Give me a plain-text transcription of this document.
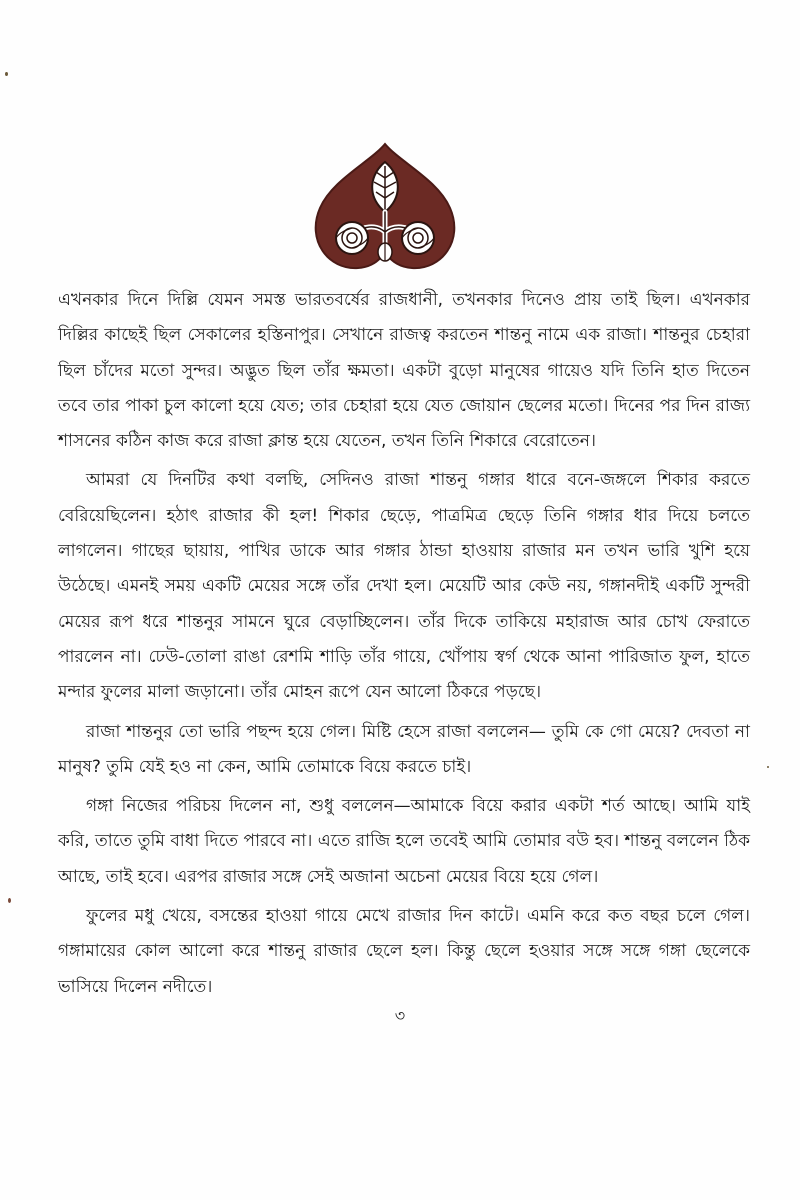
এখনকার দিনে দিল্লি যেমন সমস্ত ভারতবর্ষের রাজধানী, তখনকার দিনেও প্রায় তাই ছিল। এখনকার দিল্লির কাছেই ছিল সেকালের হস্তিনাপুর। সেখানে রাজত্ব করতেন শান্তনু নামে এক রাজা। শান্তনুর চেহারা ছিল চাঁদের মতো সুন্দর। অদ্ভুত ছিল তাঁর ক্ষমতা। একটা বুড়ো মানুষের গায়েও যদি তিনি হাত দিতেন তবে তার পাকা চুল কালো হয়ে যেত; তার চেহারা হয়ে যেত জোয়ান ছেলের মতো। দিনের পর দিন রাজ্য শাসনের কঠিন কাজ করে রাজা ক্লান্ত হয়ে যেতেন, তখন তিনি শিকারে বেরোতেন।

আমরা যে দিনটির কথা বলছি, সেদিনও রাজা শান্তনু গঙ্গার ধারে বনে-জঙ্গলে শিকার করতে বেরিয়েছিলেন। হঠাৎ রাজার কী হল! শিকার ছেড়ে, পাত্রমিত্র ছেড়ে তিনি গঙ্গার ধার দিয়ে চলতে লাগলেন। গাছের ছায়ায়, পাখির ডাকে আর গঙ্গার ঠান্ডা হাওয়ায় রাজার মন তখন ভারি খুশি হয়ে উঠেছে। এমনই সময় একটি মেয়ের সঙ্গে তাঁর দেখা হল। মেয়েটি আর কেউ নয়, গঙ্গানদীই একটি সুন্দরী মেয়ের রূপ ধরে শান্তনুর সামনে ঘুরে বেড়াচ্ছিলেন। তাঁর দিকে তাকিয়ে মহারাজ আর চোখ ফেরাতে পারলেন না। ঢেউ-তোলা রাঙা রেশমি শাড়ি তাঁর গায়ে, খোঁপায় স্বর্গ থেকে আনা পারিজাত ফুল, হাতে মন্দার ফুলের মালা জড়ানো। তাঁর মোহন রূপে যেন আলো ঠিকরে পড়ছে।

রাজা শান্তনুর তো ভারি পছন্দ হয়ে গেল। মিষ্টি হেসে রাজা বললেন— তুমি কে গো মেয়ে? দেবতা না মানুষ? তুমি যেই হও না কেন, আমি তোমাকে বিয়ে করতে চাই।

গঙ্গা নিজের পরিচয় দিলেন না, শুধু বললেন—আমাকে বিয়ে করার একটা শর্ত আছে। আমি যাই করি, তাতে তুমি বাধা দিতে পারবে না। এতে রাজি হলে তবেই আমি তোমার বউ হব। শান্তনু বললেন ঠিক আছে, তাই হবে। এরপর রাজার সঙ্গে সেই অজানা অচেনা মেয়ের বিয়ে হয়ে গেল।

ফুলের মধু খেয়ে, বসন্তের হাওয়া গায়ে মেখে রাজার দিন কাটে। এমনি করে কত বছর চলে গেল। গঙ্গামায়ের কোল আলো করে শান্তনু রাজার ছেলে হল। কিন্তু ছেলে হওয়ার সঙ্গে সঙ্গে গঙ্গা ছেলেকে ভাসিয়ে দিলেন নদীতে।

৩
